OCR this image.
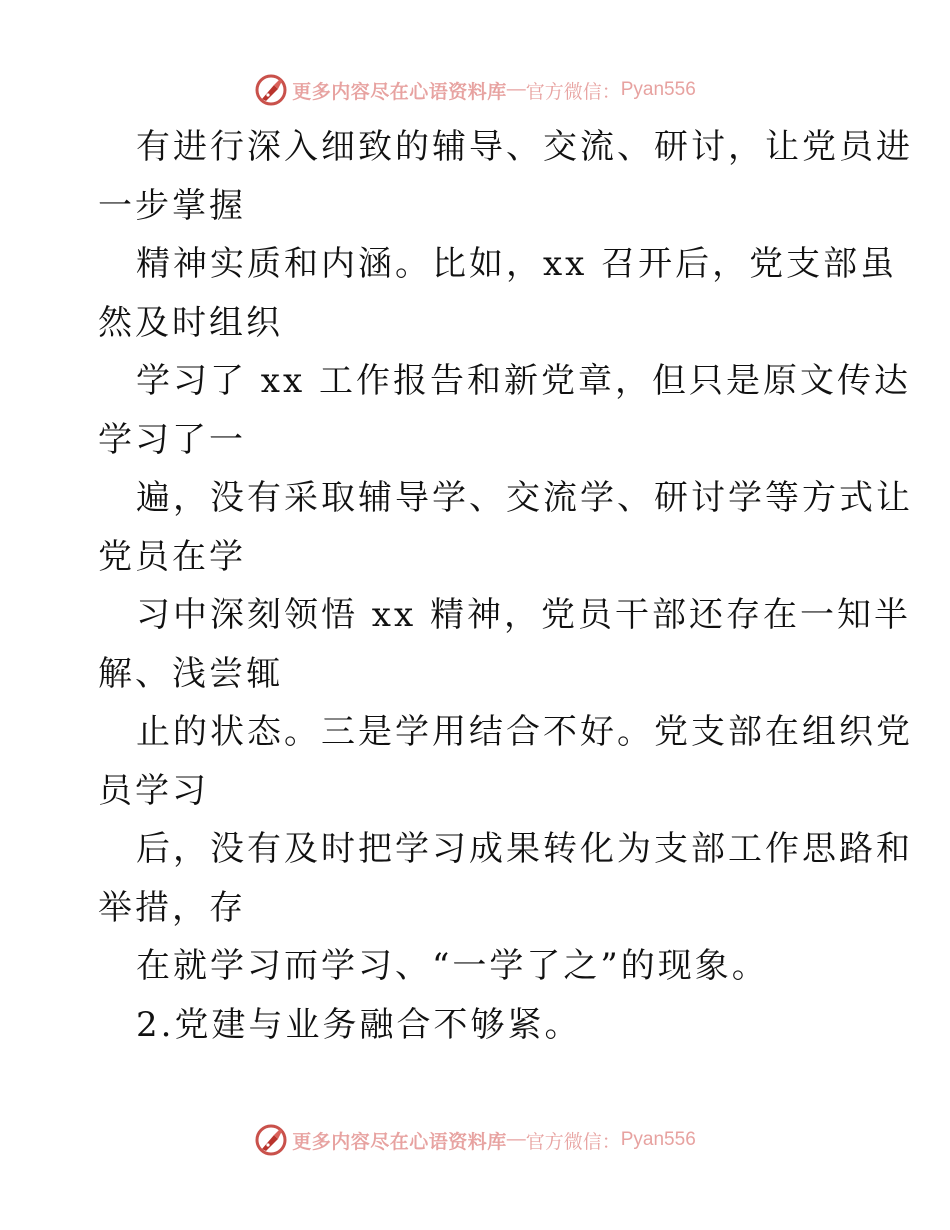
更多内容尽在心语资料库 — 官方微信： Pyan556
有进行深入细致的辅导、交流、研讨，让党员进
一步掌握
精神实质和内涵。比如，xx 召开后，党支部虽
然及时组织
学习了 xx 工作报告和新党章，但只是原文传达
学习了一
遍，没有采取辅导学、交流学、研讨学等方式让
党员在学
习中深刻领悟 xx 精神，党员干部还存在一知半
解、浅尝辄
止的状态。三是学用结合不好。党支部在组织党
员学习
后，没有及时把学习成果转化为支部工作思路和
举措，存
在就学习而学习、“一学了之”的现象。
2.党建与业务融合不够紧。
更多内容尽在心语资料库 — 官方微信： Pyan556
